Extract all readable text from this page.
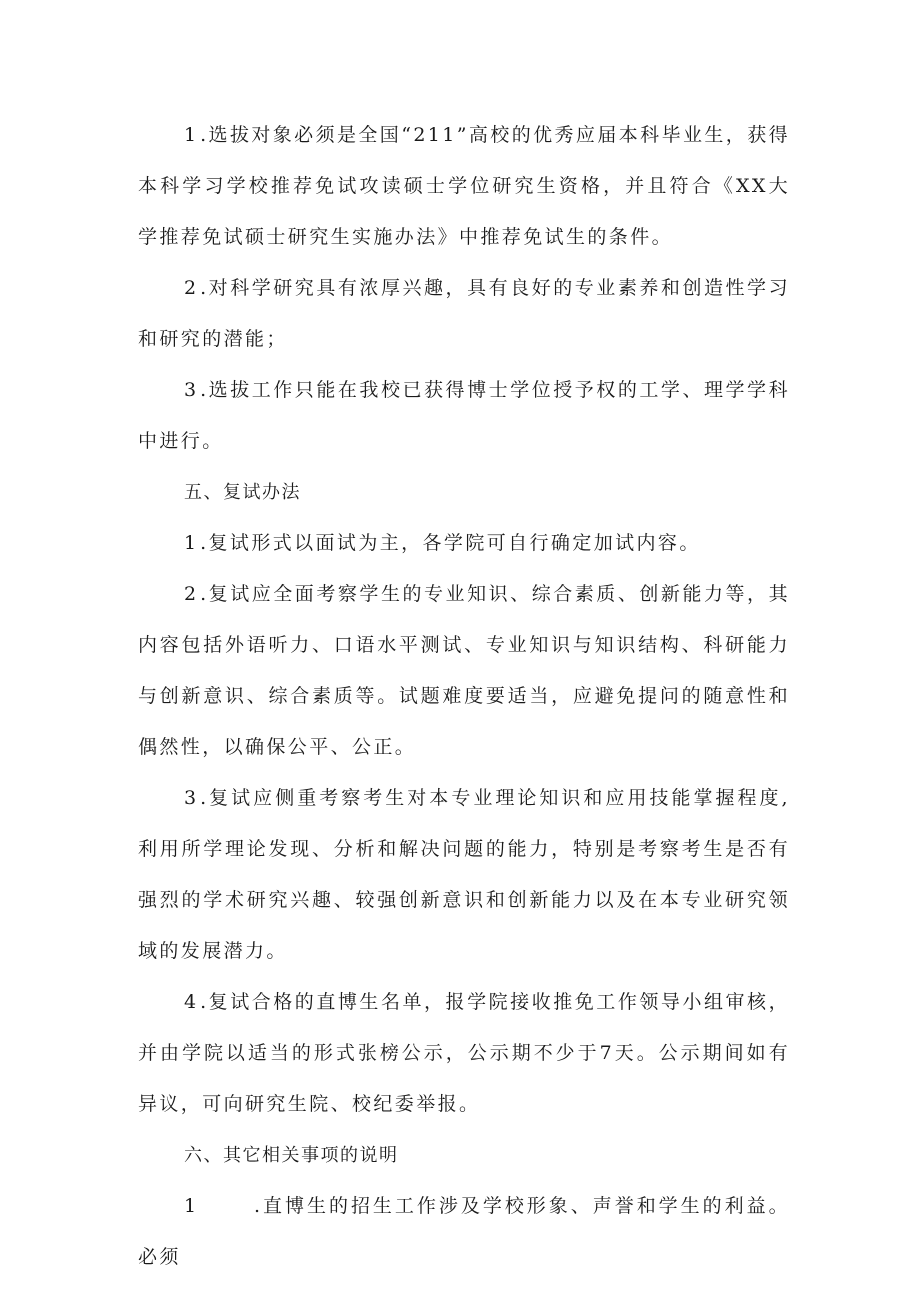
1 .选拔对象必须是全国“211”高校的优秀应届本科毕业生，获得本科学习学校推荐免试攻读硕士学位研究生资格，并且符合《XX大学推荐免试硕士研究生实施办法》中推荐免试生的条件。

2 .对科学研究具有浓厚兴趣，具有良好的专业素养和创造性学习和研究的潜能；

3 .选拔工作只能在我校已获得博士学位授予权的工学、理学学科中进行。

五、复试办法

1 .复试形式以面试为主，各学院可自行确定加试内容。

2 .复试应全面考察学生的专业知识、综合素质、创新能力等，其内容包括外语听力、口语水平测试、专业知识与知识结构、科研能力与创新意识、综合素质等。试题难度要适当，应避免提问的随意性和偶然性，以确保公平、公正。

3 .复试应侧重考察考生对本专业理论知识和应用技能掌握程度,利用所学理论发现、分析和解决问题的能力，特别是考察考生是否有强烈的学术研究兴趣、较强创新意识和创新能力以及在本专业研究领域的发展潜力。

4 .复试合格的直博生名单，报学院接收推免工作领导小组审核，并由学院以适当的形式张榜公示，公示期不少于7天。公示期间如有异议，可向研究生院、校纪委举报。

六、其它相关事项的说明

1	.直博生的招生工作涉及学校形象、声誉和学生的利益。必须
